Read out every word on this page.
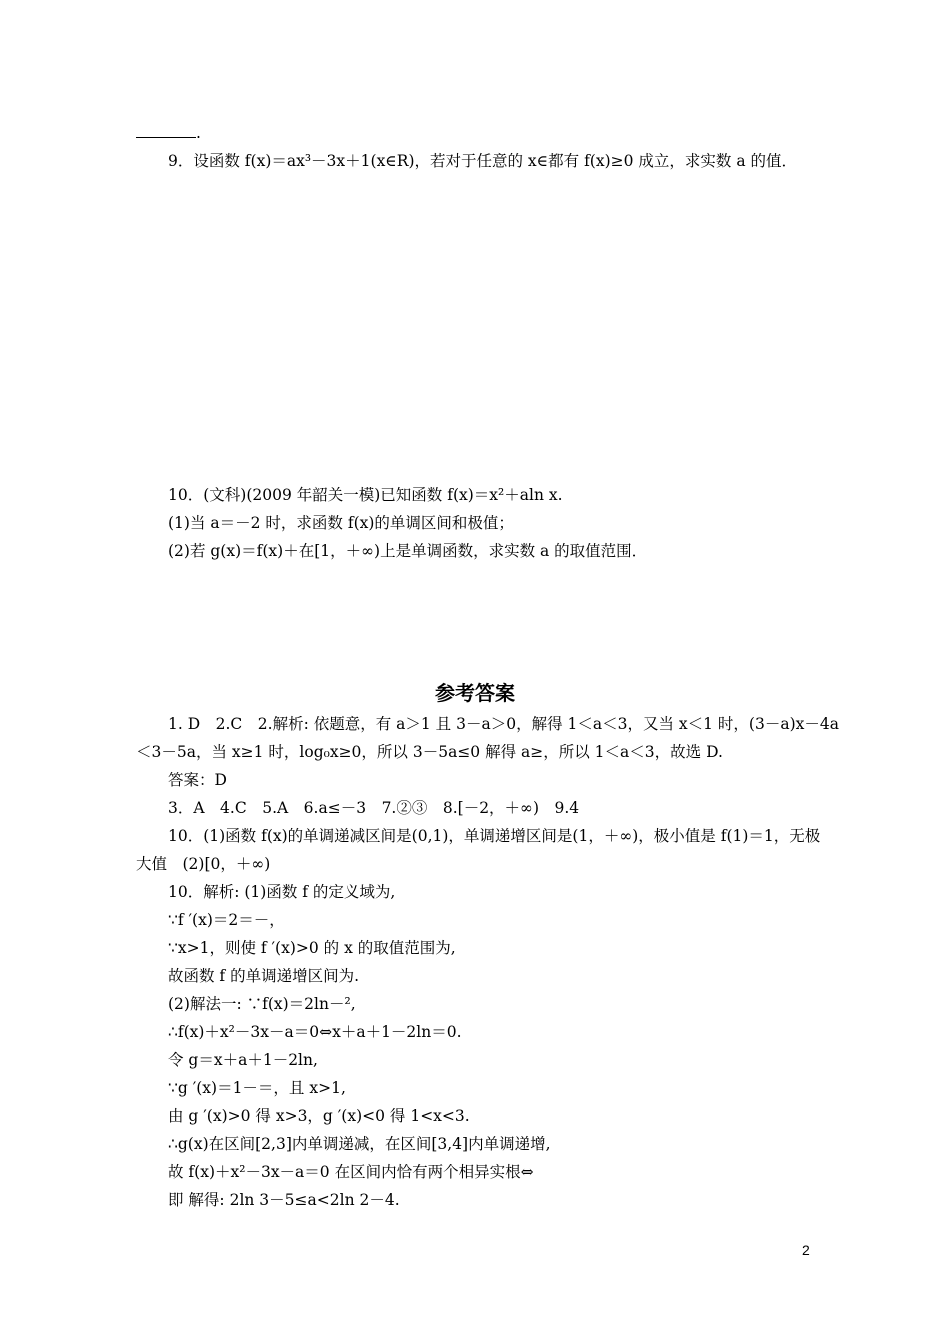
.
9．设函数 f(x)＝ax³－3x＋1(x∈R)，若对于任意的 x∈都有 f(x)≥0 成立，求实数 a 的值．
10．(文科)(2009 年韶关一模)已知函数 f(x)＝x²＋aln x.
(1)当 a＝－2 时，求函数 f(x)的单调区间和极值；
(2)若 g(x)＝f(x)＋在[1，＋∞)上是单调函数，求实数 a 的取值范围．
参考答案
1. D　2.C　2.解析: 依题意，有 a＞1 且 3－a＞0，解得 1＜a＜3，又当 x＜1 时，(3－a)x－4a
＜3－5a，当 x≥1 时，log₀x≥0，所以 3－5a≤0 解得 a≥，所以 1＜a＜3，故选 D.
答案：D
3．A　4.C　5.A　6.a≤－3　7.②③　8.[－2，＋∞)　9.4
10．(1)函数 f(x)的单调递减区间是(0,1)，单调递增区间是(1，＋∞)，极小值是 f(1)＝1，无极
大值　(2)[0，＋∞)
10．解析: (1)函数 f 的定义域为,
∵f ′(x)＝2＝－，
∵x>1，则使 f ′(x)>0 的 x 的取值范围为,
故函数 f 的单调递增区间为.
(2)解法一: ∵f(x)＝2ln－²,
∴f(x)＋x²－3x－a＝0⇔x＋a＋1－2ln＝0.
令 g＝x＋a＋1－2ln,
∵g ′(x)＝1－＝，且 x>1,
由 g ′(x)>0 得 x>3，g ′(x)<0 得 1<x<3.
∴g(x)在区间[2,3]内单调递减，在区间[3,4]内单调递增,
故 f(x)＋x²－3x－a＝0 在区间内恰有两个相异实根⇔
即 解得: 2ln 3－5≤a<2ln 2－4.
2
